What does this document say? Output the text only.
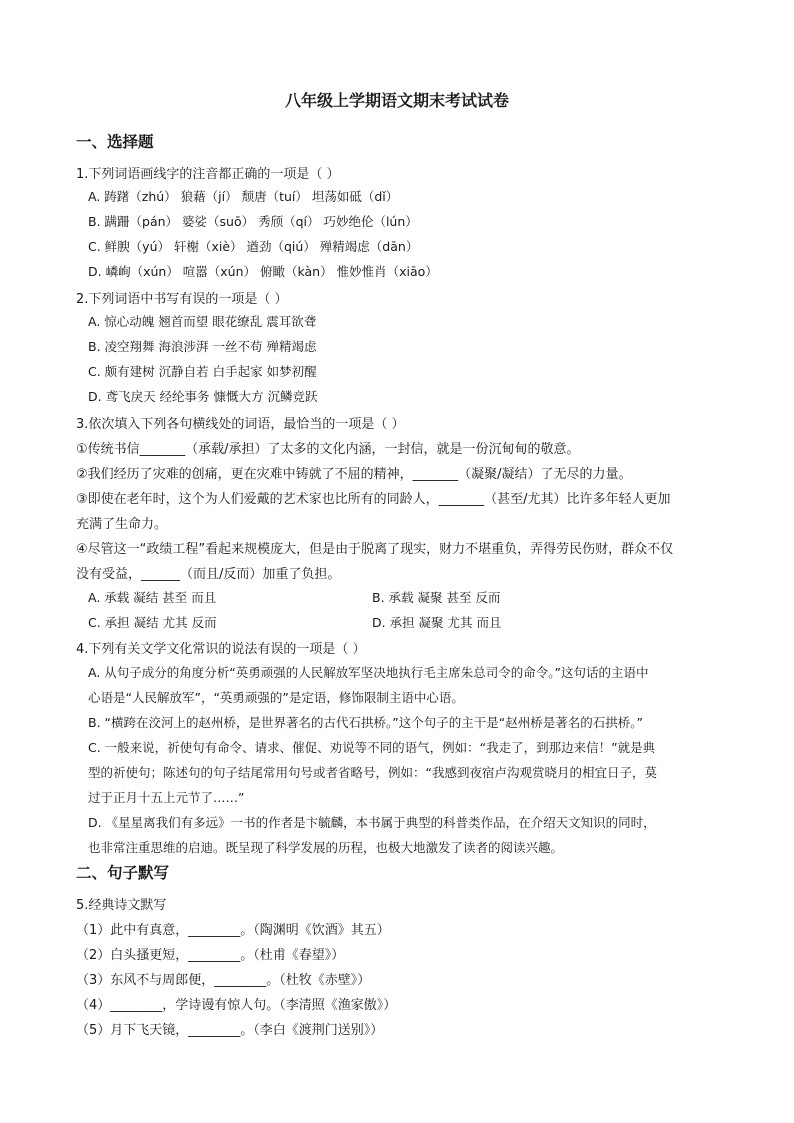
八年级上学期语文期末考试试卷
一、选择题
1.下列词语画线字的注音都正确的一项是（ ）
A. 踌躇（zhú） 狼藉（jí） 颓唐（tuí） 坦荡如砥（dǐ）
B. 蹒跚（pán） 婆娑（suō） 秀颀（qí） 巧妙绝伦（lún）
C. 鲜腴（yú） 轩榭（xiè） 遒劲（qiú） 殚精竭虑（dān）
D. 嶙峋（xún） 喧嚣（xún） 俯瞰（kàn） 惟妙惟肖（xiāo）
2.下列词语中书写有误的一项是（ ）
A. 惊心动魄 翘首而望 眼花缭乱 震耳欲聋
B. 凌空翔舞 海浪涉湃 一丝不苟 殚精竭虑
C. 颇有建树 沉静自若 白手起家 如梦初醒
D. 鸢飞戾天 经纶事务 慷慨大方 沉鳞竞跃
3.依次填入下列各句横线处的词语，最恰当的一项是（ ）
①传统书信_______（承载/承担）了太多的文化内涵，一封信，就是一份沉甸甸的敬意。
②我们经历了灾难的创痛，更在灾难中铸就了不屈的精神，_______（凝聚/凝结）了无尽的力量。
③即使在老年时，这个为人们爱戴的艺术家也比所有的同龄人，_______（甚至/尤其）比许多年轻人更加
充满了生命力。
④尽管这一“政绩工程”看起来规模庞大，但是由于脱离了现实，财力不堪重负，弄得劳民伤财，群众不仅
没有受益，______（而且/反而）加重了负担。
A. 承载 凝结 甚至 而且	B. 承载 凝聚 甚至 反而
C. 承担 凝结 尤其 反而	D. 承担 凝聚 尤其 而且
4.下列有关文学文化常识的说法有误的一项是（ ）
A. 从句子成分的角度分析“英勇顽强的人民解放军坚决地执行毛主席朱总司令的命令。”这句话的主语中
心语是“人民解放军”，“英勇顽强的”是定语，修饰限制主语中心语。
B. “横跨在洨河上的赵州桥，是世界著名的古代石拱桥。”这个句子的主干是“赵州桥是著名的石拱桥。”
C. 一般来说，祈使句有命令、请求、催促、劝说等不同的语气，例如：“我走了，到那边来信！”就是典
型的祈使句；陈述句的句子结尾常用句号或者省略号，例如：“我感到夜宿卢沟观赏晓月的相宜日子，莫
过于正月十五上元节了……”
D. 《星星离我们有多远》一书的作者是卞毓麟，本书属于典型的科普类作品，在介绍天文知识的同时，
也非常注重思维的启迪。既呈现了科学发展的历程，也极大地激发了读者的阅读兴趣。
二、句子默写
5.经典诗文默写
（1）此中有真意，________。（陶渊明《饮酒》其五）
（2）白头搔更短，________。（杜甫《春望》）
（3）东风不与周郎便，________。（杜牧《赤壁》）
（4）________，学诗谩有惊人句。（李清照《渔家傲》）
（5）月下飞天镜，________。（李白《渡荆门送别》）
